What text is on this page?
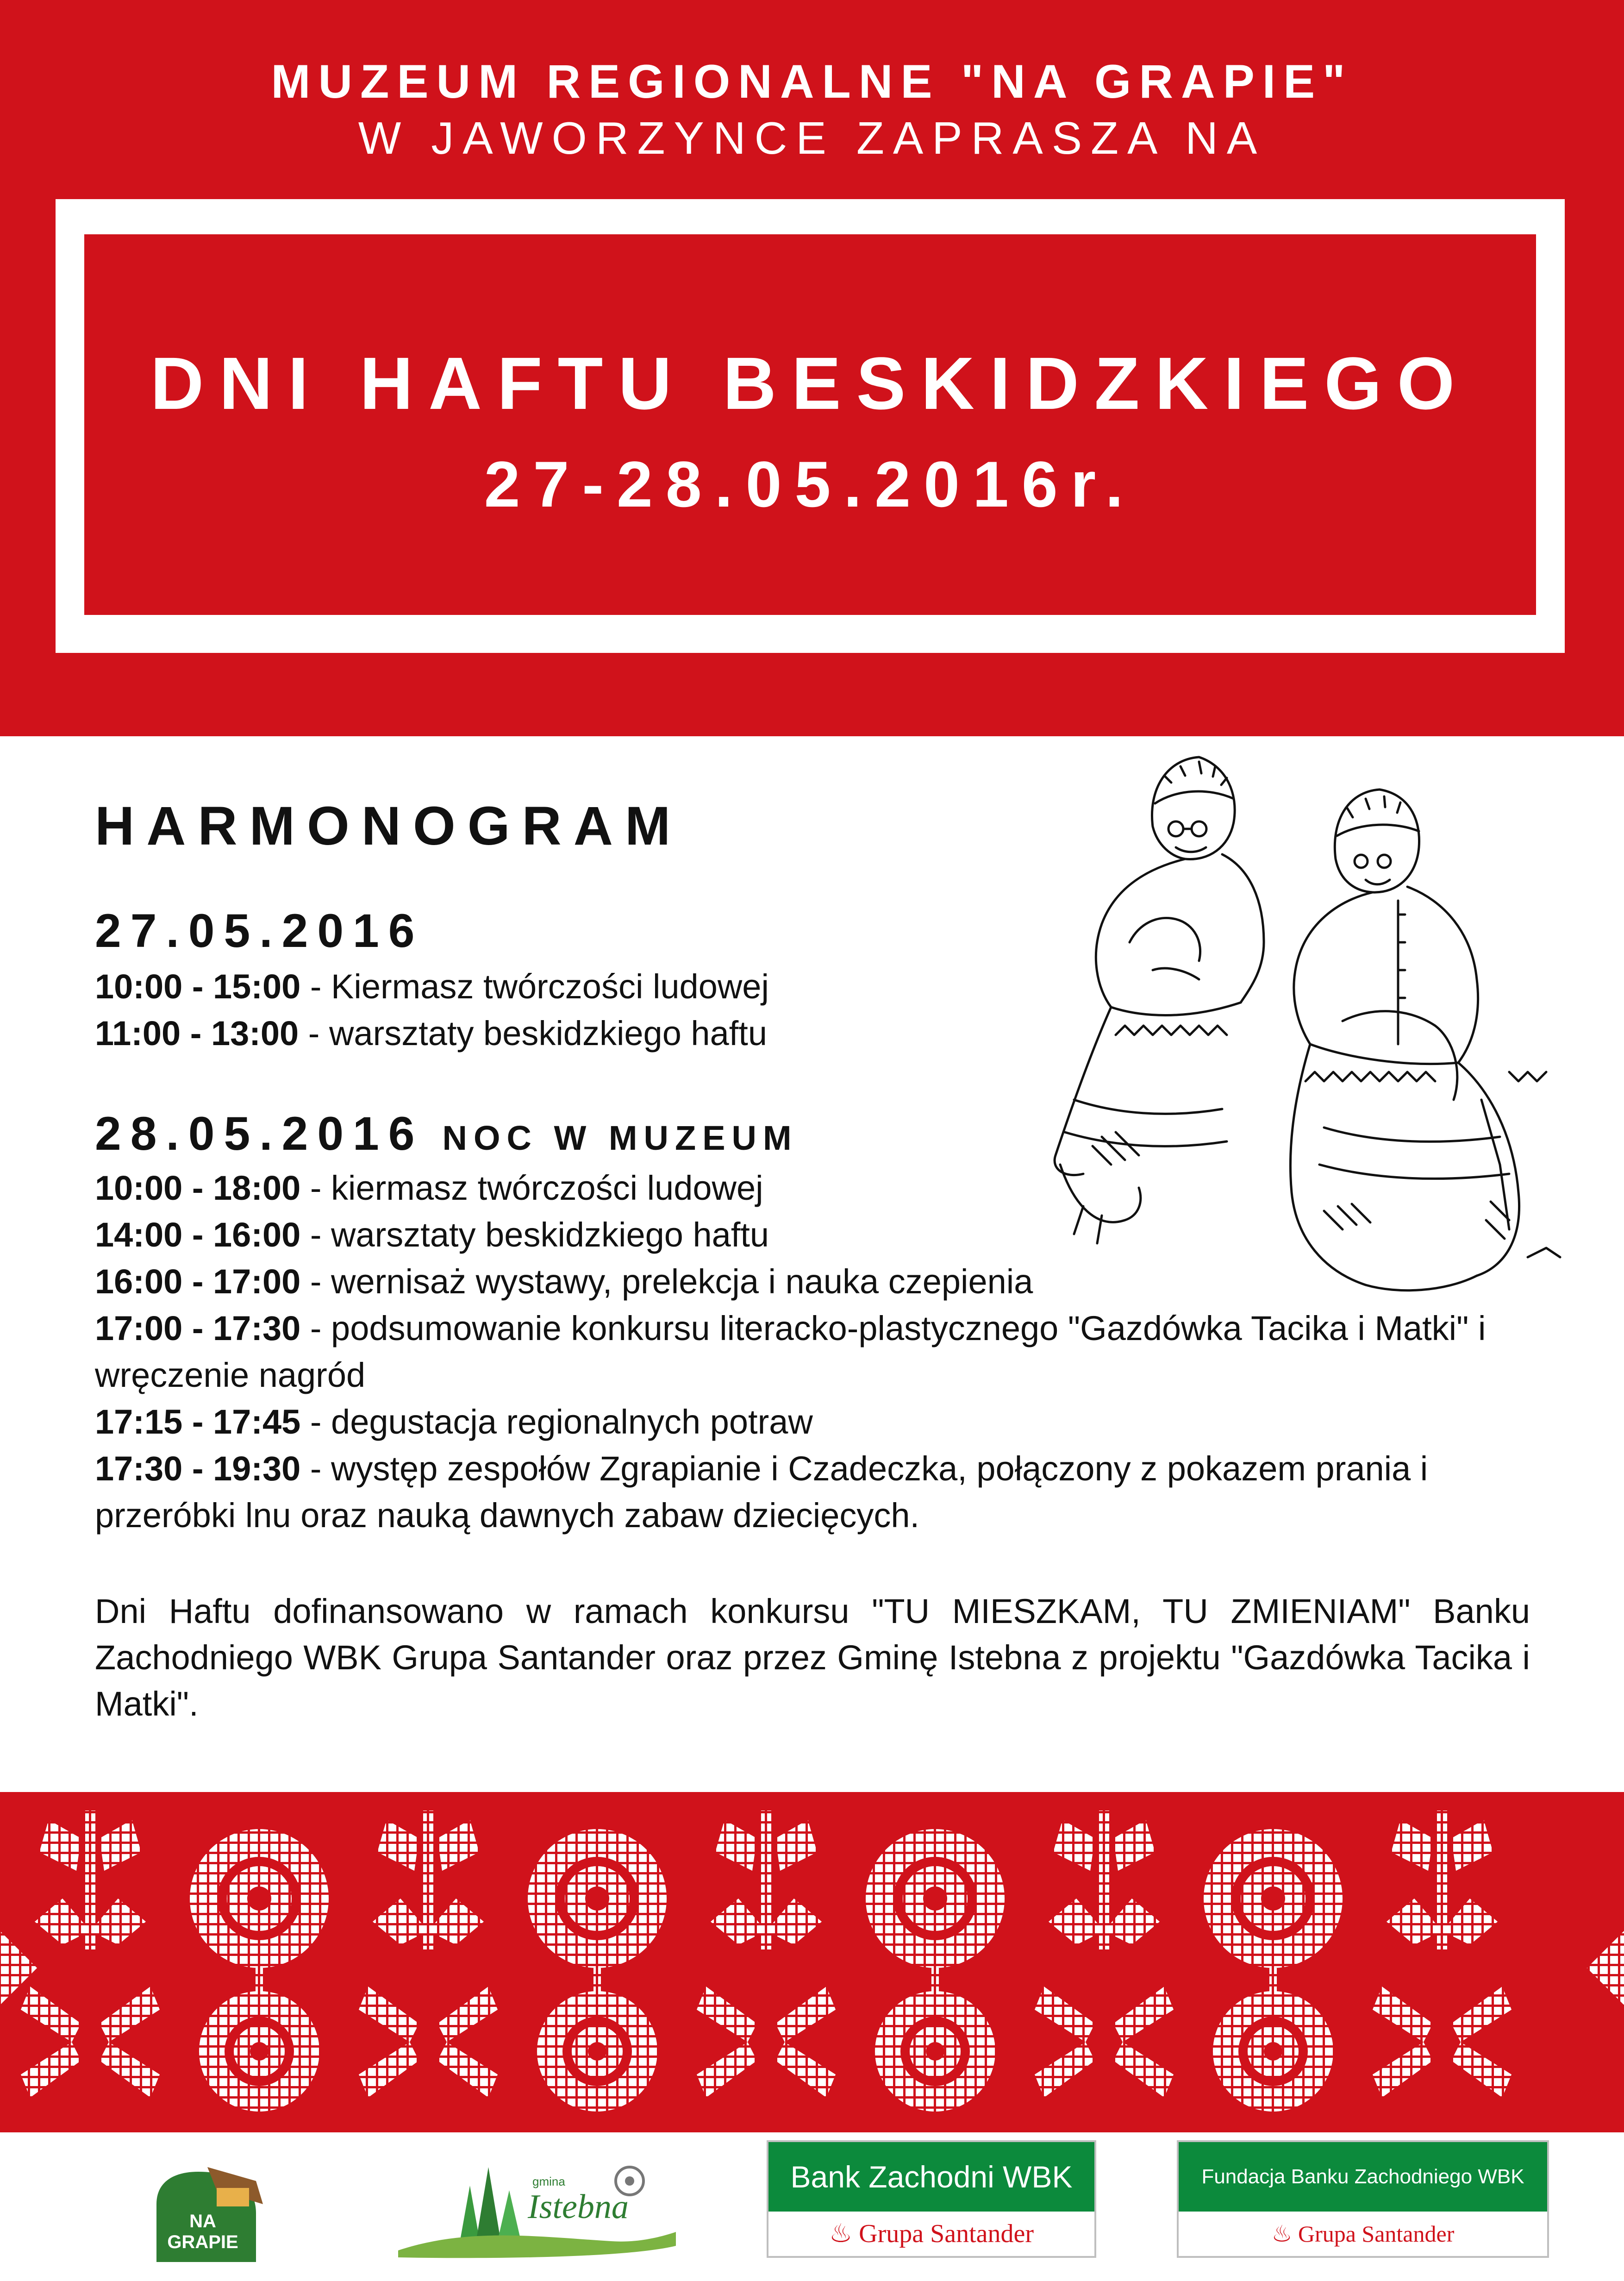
MUZEUM REGIONALNE "NA GRAPIE"
W JAWORZYNCE ZAPRASZA NA
DNI HAFTU BESKIDZKIEGO
27-28.05.2016r.
HARMONOGRAM
27.05.2016
10:00 - 15:00 - Kiermasz twórczości ludowej
11:00 - 13:00 - warsztaty beskidzkiego haftu
28.05.2016 NOC W MUZEUM
10:00 - 18:00 - kiermasz twórczości ludowej
14:00 - 16:00 - warsztaty beskidzkiego haftu
16:00 - 17:00 - wernisaż wystawy, prelekcja i nauka czepienia
17:00 - 17:30 - podsumowanie konkursu literacko-plastycznego "Gazdówka Tacika i Matki" i wręczenie nagród
17:15 - 17:45 - degustacja regionalnych potraw
17:30 - 19:30 - występ zespołów Zgrapianie i Czadeczka, połączony z pokazem prania i przeróbki lnu oraz nauką dawnych zabaw dziecięcych.
Dni Haftu dofinansowano w ramach konkursu "TU MIESZKAM, TU ZMIENIAM" Banku Zachodniego WBK Grupa Santander oraz przez Gminę Istebna z projektu "Gazdówka Tacika i Matki".
NA
GRAPIE
gmina
Istebna
Bank Zachodni WBK
♨ Grupa Santander
Fundacja Banku Zachodniego WBK
♨ Grupa Santander
